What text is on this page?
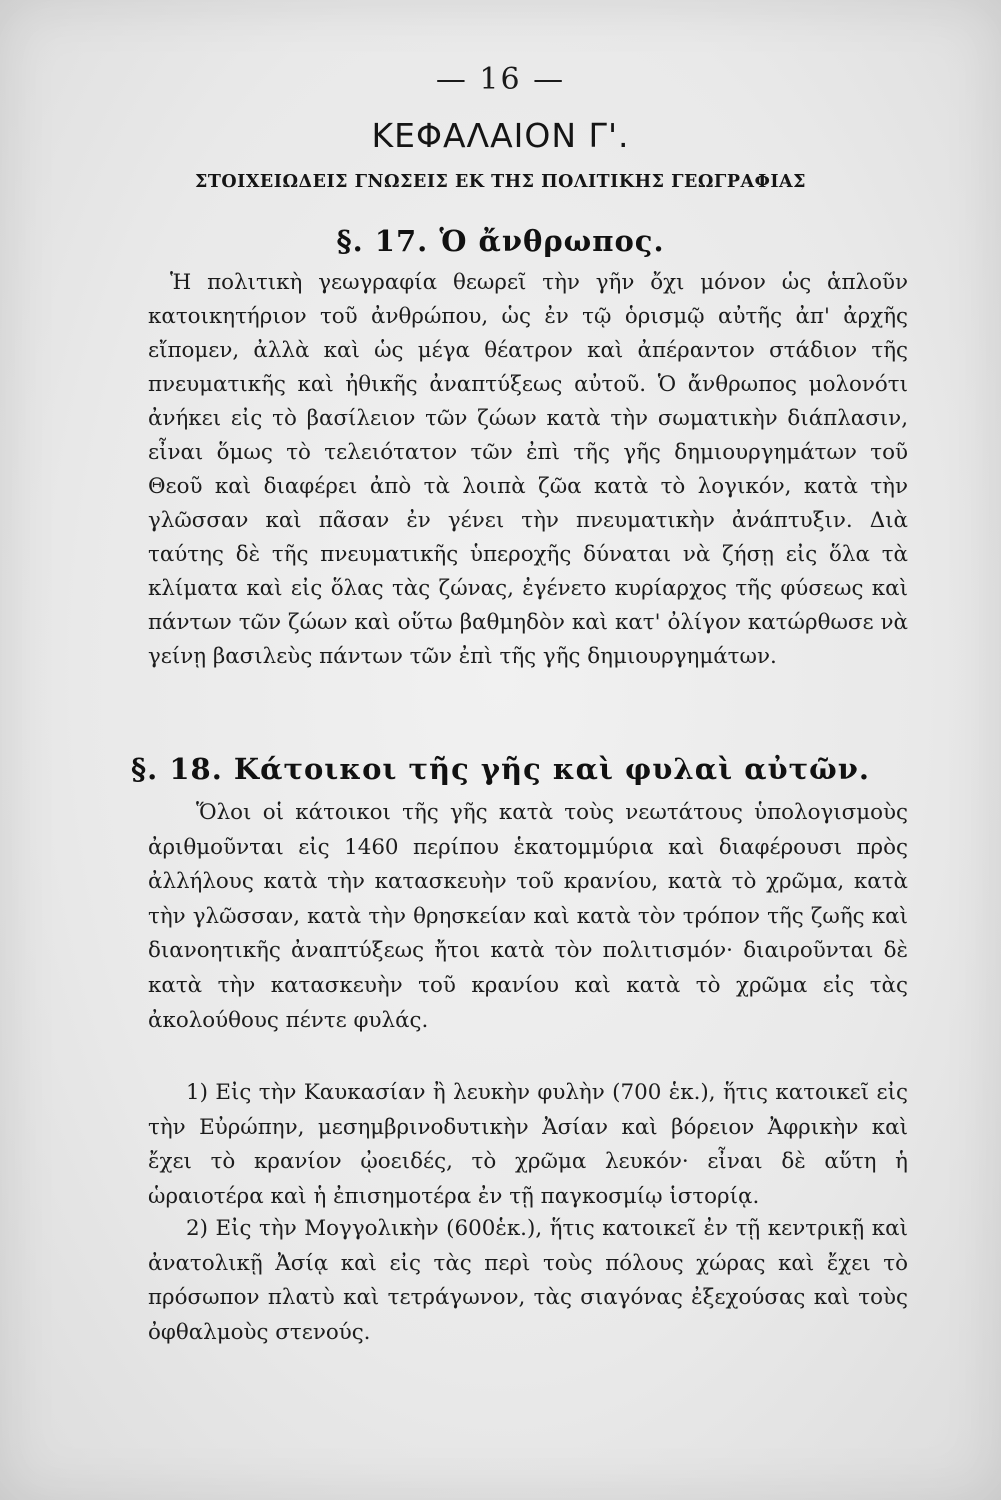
— 16 —
ΚΕΦΑΛΑΙΟΝ Γ'.
ΣΤΟΙΧΕΙΩΔΕΙΣ ΓΝΩΣΕΙΣ ΕΚ ΤΗΣ ΠΟΛΙΤΙΚΗΣ ΓΕΩΓΡΑΦΙΑΣ
§. 17. Ὁ ἄνθρωπος.

Ἡ πολιτικὴ γεωγραφία θεωρεῖ τὴν γῆν ὄχι μόνον ὡς ἁπλοῦν κατοικητήριον τοῦ ἀνθρώπου, ὡς ἐν τῷ ὁρισμῷ αὐτῆς ἀπ' ἀρχῆς εἴπομεν, ἀλλὰ καὶ ὡς μέγα θέατρον καὶ ἀπέραντον στάδιον τῆς πνευματικῆς καὶ ἠθικῆς ἀναπτύξεως αὐτοῦ. Ὁ ἄνθρωπος μολονότι ἀνήκει εἰς τὸ βασίλειον τῶν ζώων κατὰ τὴν σωματικὴν διάπλασιν, εἶναι ὅμως τὸ τελειότατον τῶν ἐπὶ τῆς γῆς δημιουργημάτων τοῦ Θεοῦ καὶ διαφέρει ἀπὸ τὰ λοιπὰ ζῶα κατὰ τὸ λογικόν, κατὰ τὴν γλῶσσαν καὶ πᾶσαν ἐν γένει τὴν πνευματικὴν ἀνάπτυξιν. Διὰ ταύτης δὲ τῆς πνευματικῆς ὑπεροχῆς δύναται νὰ ζήσῃ εἰς ὅλα τὰ κλίματα καὶ εἰς ὅλας τὰς ζώνας, ἐγένετο κυρίαρχος τῆς φύσεως καὶ πάντων τῶν ζώων καὶ οὕτω βαθμηδὸν καὶ κατ' ὀλίγον κατώρθωσε νὰ γείνῃ βασιλεὺς πάντων τῶν ἐπὶ τῆς γῆς δημιουργημάτων.

§. 18. Κάτοικοι τῆς γῆς καὶ φυλαὶ αὐτῶν.

Ὅλοι οἱ κάτοικοι τῆς γῆς κατὰ τοὺς νεωτάτους ὑπολογισμοὺς ἀριθμοῦνται εἰς 1460 περίπου ἑκατομμύρια καὶ διαφέρουσι πρὸς ἀλλήλους κατὰ τὴν κατασκευὴν τοῦ κρανίου, κατὰ τὸ χρῶμα, κατὰ τὴν γλῶσσαν, κατὰ τὴν θρησκείαν καὶ κατὰ τὸν τρόπον τῆς ζωῆς καὶ διανοητικῆς ἀναπτύξεως ἤτοι κατὰ τὸν πολιτισμόν· διαιροῦνται δὲ κατὰ τὴν κατασκευὴν τοῦ κρανίου καὶ κατὰ τὸ χρῶμα εἰς τὰς ἀκολούθους πέντε φυλάς.

1) Εἰς τὴν Καυκασίαν ἢ λευκὴν φυλὴν (700 ἑκ.), ἥτις κατοικεῖ εἰς τὴν Εὐρώπην, μεσημβρινοδυτικὴν Ἀσίαν καὶ βόρειον Ἀφρικὴν καὶ ἔχει τὸ κρανίον ᾠοειδές, τὸ χρῶμα λευκόν· εἶναι δὲ αὕτη ἡ ὡραιοτέρα καὶ ἡ ἐπισημοτέρα ἐν τῇ παγκοσμίῳ ἱστορίᾳ.

2) Εἰς τὴν Μογγολικὴν (600ἑκ.), ἥτις κατοικεῖ ἐν τῇ κεντρικῇ καὶ ἀνατολικῇ Ἀσίᾳ καὶ εἰς τὰς περὶ τοὺς πόλους χώρας καὶ ἔχει τὸ πρόσωπον πλατὺ καὶ τετράγωνον, τὰς σιαγόνας ἐξεχούσας καὶ τοὺς ὀφθαλμοὺς στενούς.
